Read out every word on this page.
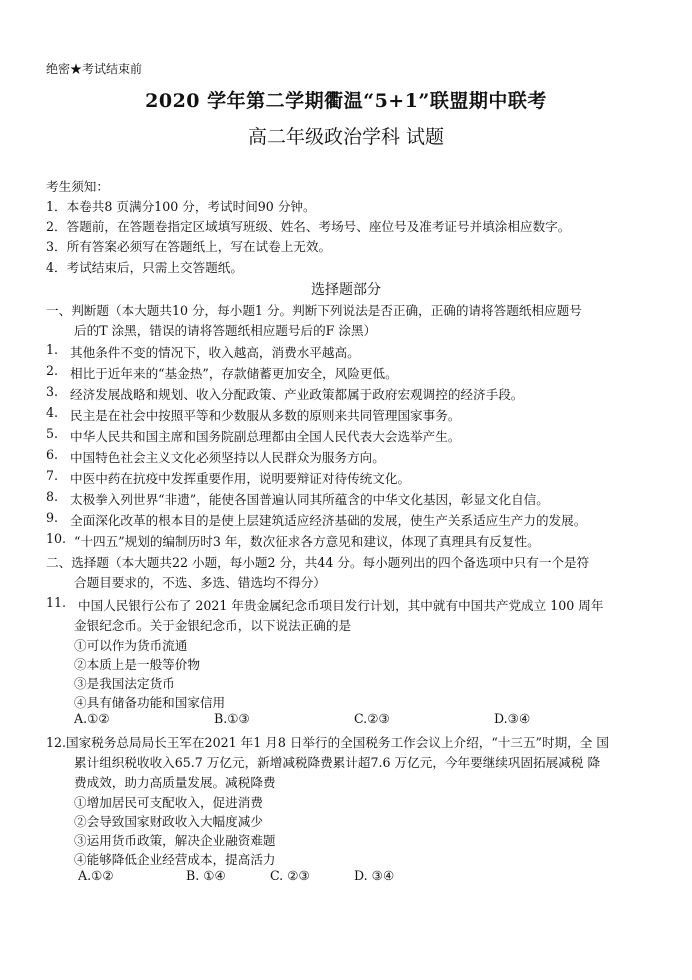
绝密★考试结束前
2020 学年第二学期衢温“5+1”联盟期中联考
高二年级政治学科 试题
考生须知：
1．本卷共8 页满分100 分，考试时间90 分钟。
2．答题前，在答题卷指定区域填写班级、姓名、考场号、座位号及准考证号并填涂相应数字。
3．所有答案必须写在答题纸上，写在试卷上无效。
4．考试结束后，只需上交答题纸。
选择题部分
一、判断题（本大题共10 分，每小题1 分。判断下列说法是否正确，正确的请将答题纸相应题号
后的T 涂黑，错误的请将答题纸相应题号后的F 涂黑）
1. 其他条件不变的情况下，收入越高，消费水平越高。
2. 相比于近年来的“基金热”，存款储蓄更加安全，风险更低。
3. 经济发展战略和规划、收入分配政策、产业政策都属于政府宏观调控的经济手段。
4. 民主是在社会中按照平等和少数服从多数的原则来共同管理国家事务。
5. 中华人民共和国主席和国务院副总理都由全国人民代表大会选举产生。
6. 中国特色社会主义文化必须坚持以人民群众为服务方向。
7. 中医中药在抗疫中发挥重要作用，说明要辩证对待传统文化。
8. 太极拳入列世界“非遗”，能使各国普遍认同其所蕴含的中华文化基因，彰显文化自信。
9. 全面深化改革的根本目的是使上层建筑适应经济基础的发展，使生产关系适应生产力的发展。
10. “十四五”规划的编制历时3 年，数次征求各方意见和建议，体现了真理具有反复性。
二、选择题（本大题共22 小题，每小题2 分，共44 分。每小题列出的四个备选项中只有一个是符
合题目要求的，不选、多选、错选均不得分）
11. 中国人民银行公布了 2021 年贵金属纪念币项目发行计划，其中就有中国共产党成立 100 周年
金银纪念币。关于金银纪念币，以下说法正确的是
①可以作为货币流通
②本质上是一般等价物
③是我国法定货币
④具有储备功能和国家信用
A.①②	B.①③	C.②③	D.③④
12.国家税务总局局长王军在2021 年1 月8 日举行的全国税务工作会议上介绍，“十三五”时期，全 国
累计组织税收收入65.7 万亿元，新增减税降费累计超7.6 万亿元，今年要继续巩固拓展减税 降
费成效，助力高质量发展。减税降费
①增加居民可支配收入，促进消费
②会导致国家财政收入大幅度减少
③运用货币政策，解决企业融资难题
④能够降低企业经营成本，提高活力
A.①②	B. ①④	C. ②③	D. ③④
